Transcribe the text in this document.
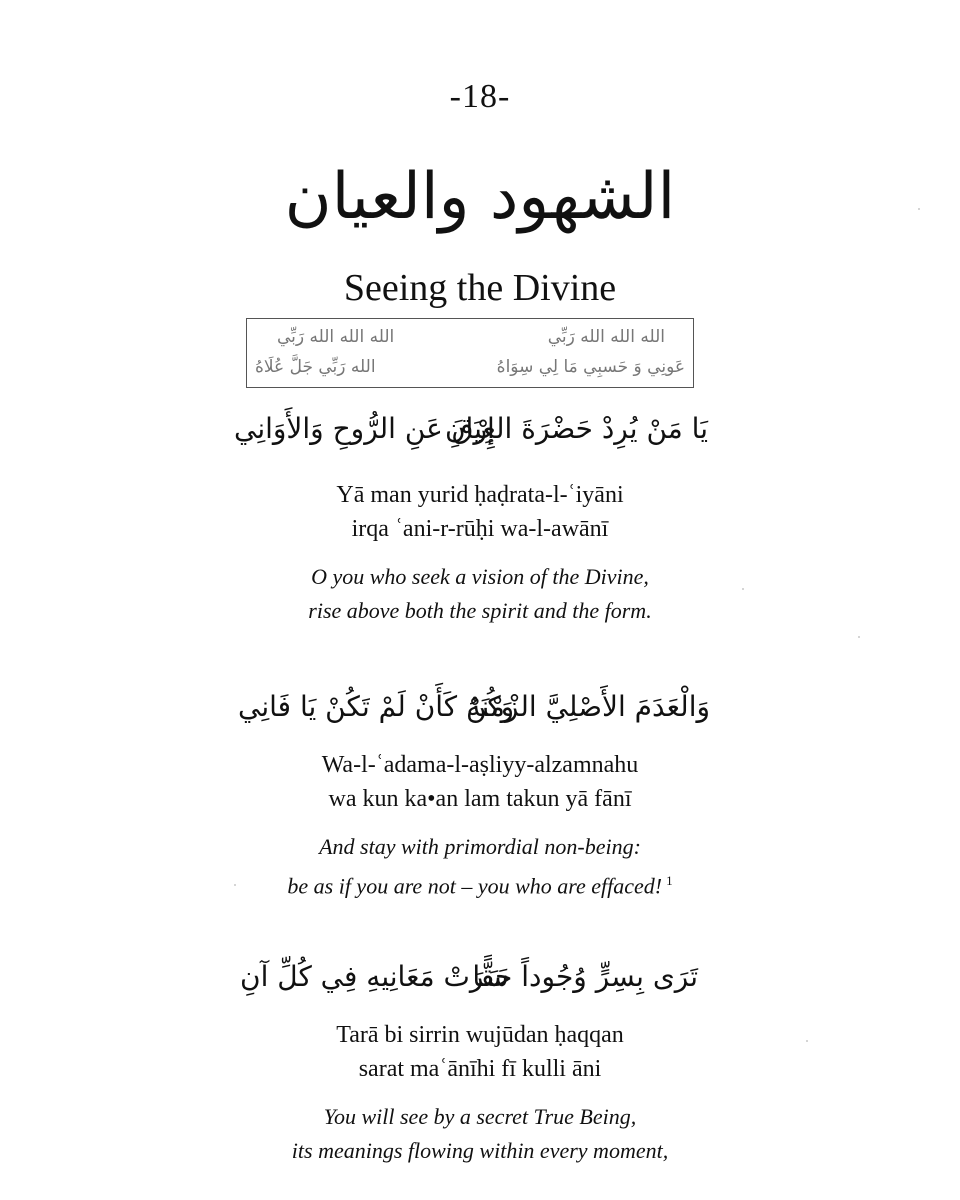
-18-
الشهود والعيان
Seeing the Divine
الله الله الله رَبِّي
الله الله الله رَبِّي
عَونِي وَ حَسبِي مَا لِي سِوَاهُ
الله رَبِّي جَلَّ عُلَاهُ
يَا مَنْ يُرِدْ حَضْرَةَ العِيَانِ
إِرْقَ عَنِ الرُّوحِ وَالأَوَانِي
Yā man yurid ḥaḍrata-l-ʿiyāni
irqa ʿani-r-rūḥi wa-l-awānī
O you who seek a vision of the Divine,
rise above both the spirit and the form.
وَالْعَدَمَ الأَصْلِيَّ الزْمْنَهُ
وَكُنْ كَأَنْ لَمْ تَكُنْ يَا فَانِي
Wa-l-ʿadama-l-aṣliyy-alzamnahu
wa kun ka•an lam takun yā fānī
And stay with primordial non-being:
be as if you are not – you who are effaced! $^1$
تَرَى بِسِرٍّ وُجُوداً حَقًّا
سَرَتْ مَعَانِيهِ فِي كُلِّ آنِ
Tarā bi sirrin wujūdan ḥaqqan
sarat maʿānīhi fī kulli āni
You will see by a secret True Being,
its meanings flowing within every moment,
